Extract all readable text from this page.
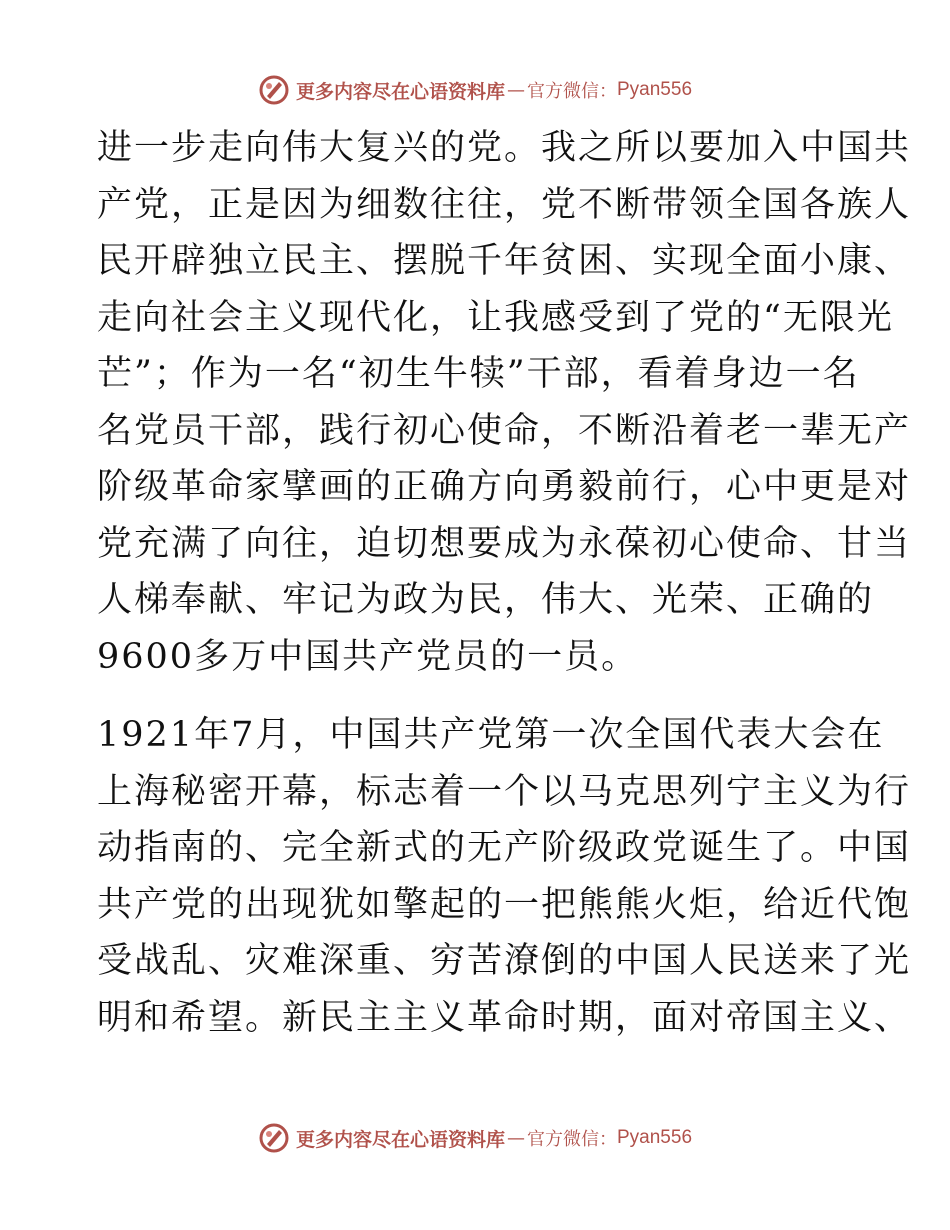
更多内容尽在心语资料库 — 官方微信： Pyan556
进一步走向伟大复兴的党。我之所以要加入中国共
产党，正是因为细数往往，党不断带领全国各族人
民开辟独立民主、摆脱千年贫困、实现全面小康、
走向社会主义现代化，让我感受到了党的“无限光
芒”；作为一名“初生牛犊”干部，看着身边一名
名党员干部，践行初心使命，不断沿着老一辈无产
阶级革命家擘画的正确方向勇毅前行，心中更是对
党充满了向往，迫切想要成为永葆初心使命、甘当
人梯奉献、牢记为政为民，伟大、光荣、正确的
9600多万中国共产党员的一员。
1921年7月，中国共产党第一次全国代表大会在
上海秘密开幕，标志着一个以马克思列宁主义为行
动指南的、完全新式的无产阶级政党诞生了。中国
共产党的出现犹如擎起的一把熊熊火炬，给近代饱
受战乱、灾难深重、穷苦潦倒的中国人民送来了光
明和希望。新民主主义革命时期，面对帝国主义、
更多内容尽在心语资料库 — 官方微信： Pyan556
